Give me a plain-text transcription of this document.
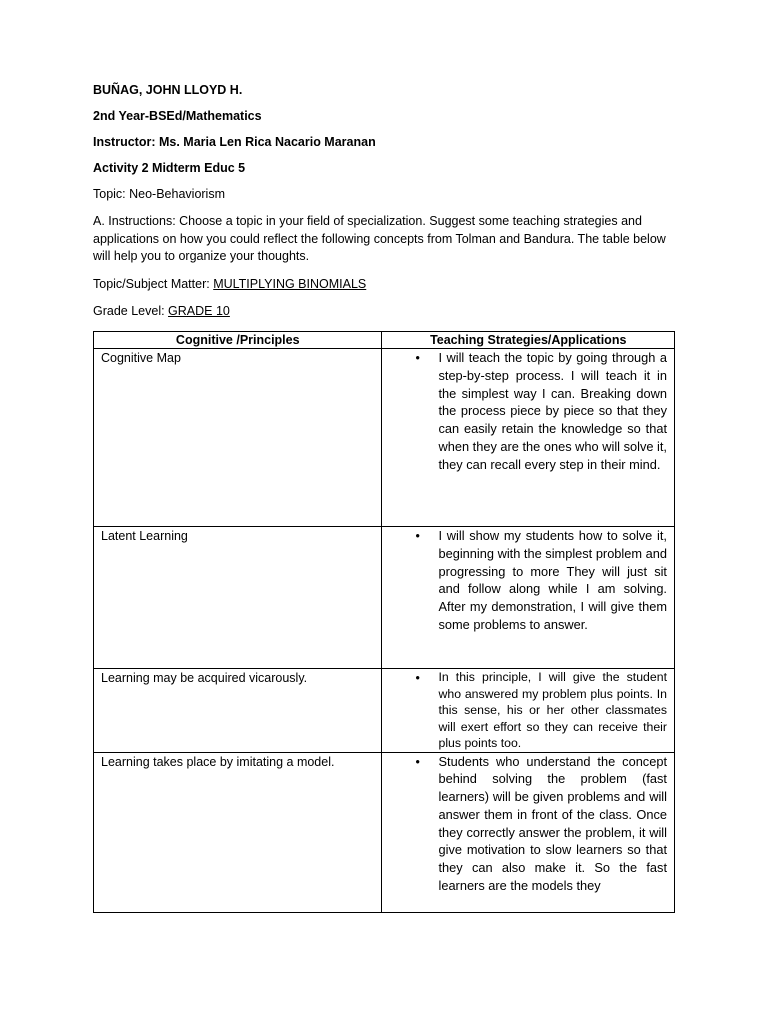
BUÑAG, JOHN LLOYD H.
2nd Year-BSEd/Mathematics
Instructor: Ms. Maria Len Rica Nacario Maranan
Activity 2 Midterm Educ 5
Topic: Neo-Behaviorism
A. Instructions: Choose a topic in your field of specialization. Suggest some teaching strategies and applications on how you could reflect the following concepts from Tolman and Bandura. The table below will help you to organize your thoughts.
Topic/Subject Matter: MULTIPLYING BINOMIALS
Grade Level: GRADE 10
Cognitive /Principles	Teaching Strategies/Applications
Cognitive Map	• I will teach the topic by going through a step-by-step process. I will teach it in the simplest way I can. Breaking down the process piece by piece so that they can easily retain the knowledge so that when they are the ones who will solve it, they can recall every step in their mind.

Latent Learning	• I will show my students how to solve it, beginning with the simplest problem and progressing to more They will just sit and follow along while I am solving. After my demonstration, I will give them some problems to answer.

Learning may be acquired vicarously.	• In this principle, I will give the student who answered my problem plus points. In this sense, his or her other classmates will exert effort so they can receive their plus points too.

Learning takes place by imitating a model.	• Students who understand the concept behind solving the problem (fast learners) will be given problems and will answer them in front of the class. Once they correctly answer the problem, it will give motivation to slow learners so that they can also make it. So the fast learners are the models they
